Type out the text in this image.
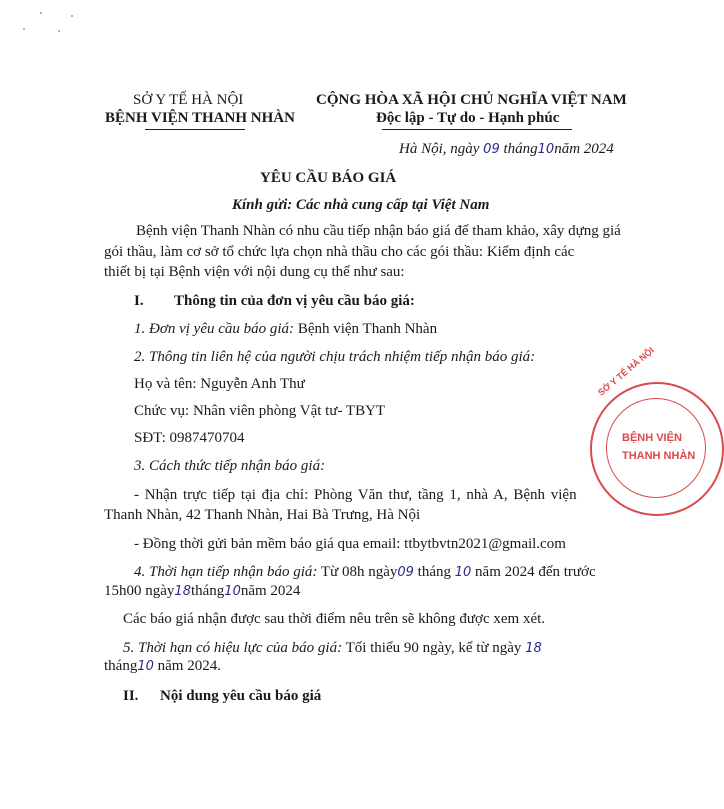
SỞ Y TẾ HÀ NỘI
BỆNH VIỆN THANH NHÀN
CỘNG HÒA XÃ HỘI CHỦ NGHĨA VIỆT NAM
Độc lập - Tự do - Hạnh phúc
Hà Nội, ngày 09 tháng10năm 2024
YÊU CẦU BÁO GIÁ
Kính gửi: Các nhà cung cấp tại Việt Nam
Bệnh viện Thanh Nhàn có nhu cầu tiếp nhận báo giá để tham khảo, xây dựng giá
gói thầu, làm cơ sở tổ chức lựa chọn nhà thầu cho các gói thầu: Kiểm định các
thiết bị tại Bệnh viện với nội dung cụ thể như sau:
I. Thông tin của đơn vị yêu cầu báo giá:
1. Đơn vị yêu cầu báo giá: Bệnh viện Thanh Nhàn
2. Thông tin liên hệ của người chịu trách nhiệm tiếp nhận báo giá:
Họ và tên: Nguyễn Anh Thư
Chức vụ: Nhân viên phòng Vật tư- TBYT
SĐT: 0987470704
3. Cách thức tiếp nhận báo giá:
- Nhận trực tiếp tại địa chỉ: Phòng Văn thư, tầng 1, nhà A, Bệnh viện
Thanh Nhàn, 42 Thanh Nhàn, Hai Bà Trưng, Hà Nội
- Đồng thời gửi bản mềm báo giá qua email: ttbytbvtn2021@gmail.com
4. Thời hạn tiếp nhận báo giá: Từ 08h ngày09 tháng 10 năm 2024 đến trước
15h00 ngày18tháng10năm 2024
Các báo giá nhận được sau thời điểm nêu trên sẽ không được xem xét.
5. Thời hạn có hiệu lực của báo giá: Tối thiểu 90 ngày, kể từ ngày 18
tháng10 năm 2024.
II. Nội dung yêu cầu báo giá
SỞ Y TẾ HÀ NỘI
BỆNH VIỆN
THANH NHÀN
